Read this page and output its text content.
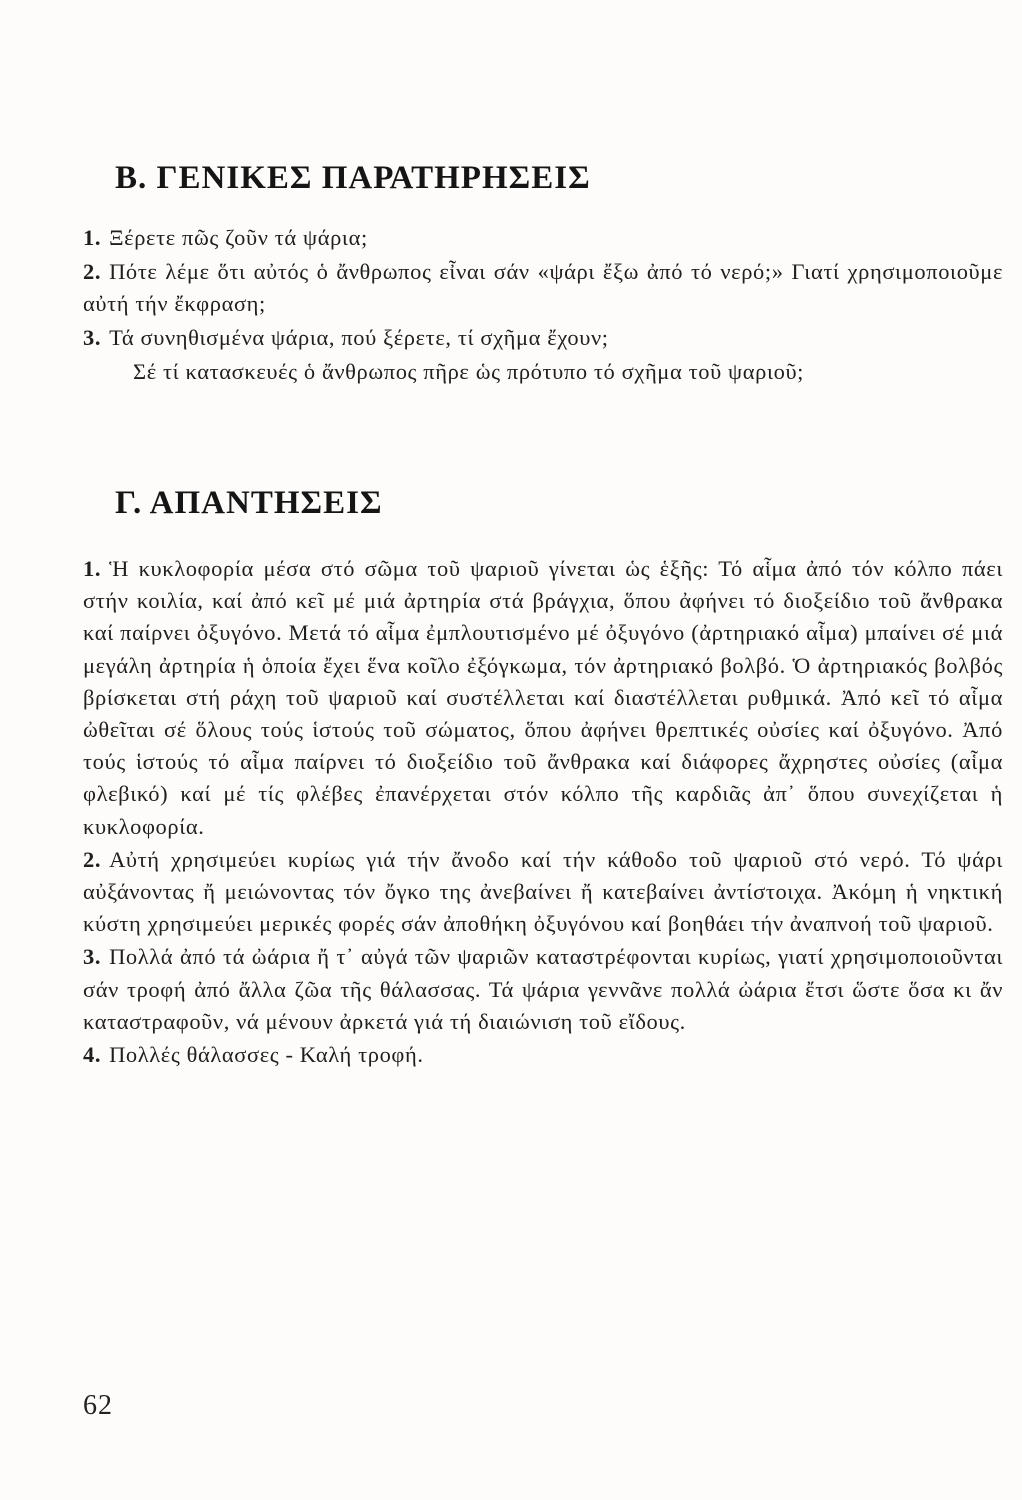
Β. ΓΕΝΙΚΕΣ ΠΑΡΑΤΗΡΗΣΕΙΣ

1. Ξέρετε πῶς ζοῦν τά ψάρια;

2. Πότε λέμε ὅτι αὐτός ὁ ἄνθρωπος εἶναι σάν «ψάρι ἔξω ἀπό τό νερό;» Γιατί χρησιμοποιοῦμε αὐτή τήν ἔκφραση;

3. Τά συνηθισμένα ψάρια, πού ξέρετε, τί σχῆμα ἔχουν;

Σέ τί κατασκευές ὁ ἄνθρωπος πῆρε ὡς πρότυπο τό σχῆμα τοῦ ψαριοῦ;

Γ. ΑΠΑΝΤΗΣΕΙΣ

1. Ἡ κυκλοφορία μέσα στό σῶμα τοῦ ψαριοῦ γίνεται ὡς ἑξῆς: Τό αἷμα ἀπό τόν κόλπο πάει στήν κοιλία, καί ἀπό κεῖ μέ μιά ἀρτηρία στά βράγχια, ὅπου ἀφήνει τό διοξείδιο τοῦ ἄνθρακα καί παίρνει ὀξυγόνο. Μετά τό αἷμα ἐμπλουτισμένο μέ ὀξυγόνο (ἀρτηριακό αἷμα) μπαίνει σέ μιά μεγάλη ἀρτηρία ἡ ὁποία ἔχει ἕνα κοῖλο ἐξόγκωμα, τόν ἀρτηριακό βολβό. Ὁ ἀρτηριακός βολβός βρίσκεται στή ράχη τοῦ ψαριοῦ καί συστέλλεται καί διαστέλλεται ρυθμικά. Ἀπό κεῖ τό αἷμα ὠθεῖται σέ ὅλους τούς ἱστούς τοῦ σώματος, ὅπου ἀφήνει θρεπτικές οὐσίες καί ὀξυγόνο. Ἀπό τούς ἱστούς τό αἷμα παίρνει τό διοξείδιο τοῦ ἄνθρακα καί διάφορες ἄχρηστες οὐσίες (αἷμα φλεβικό) καί μέ τίς φλέβες ἐπανέρχεται στόν κόλπο τῆς καρδιᾶς ἀπ᾽ ὅπου συνεχίζεται ἡ κυκλοφορία.

2. Αὐτή χρησιμεύει κυρίως γιά τήν ἄνοδο καί τήν κάθοδο τοῦ ψαριοῦ στό νερό. Τό ψάρι αὐξάνοντας ἤ μειώνοντας τόν ὄγκο της ἀνεβαίνει ἤ κατεβαίνει ἀντίστοιχα. Ἀκόμη ἡ νηκτική κύστη χρησιμεύει μερικές φορές σάν ἀποθήκη ὀξυγόνου καί βοηθάει τήν ἀναπνοή τοῦ ψαριοῦ.

3. Πολλά ἀπό τά ὠάρια ἤ τ᾽ αὐγά τῶν ψαριῶν καταστρέφονται κυρίως, γιατί χρησιμοποιοῦνται σάν τροφή ἀπό ἄλλα ζῶα τῆς θάλασσας. Τά ψάρια γεννᾶνε πολλά ὠάρια ἔτσι ὥστε ὅσα κι ἄν καταστραφοῦν, νά μένουν ἀρκετά γιά τή διαιώνιση τοῦ εἴδους.

4. Πολλές θάλασσες - Καλή τροφή.

62
